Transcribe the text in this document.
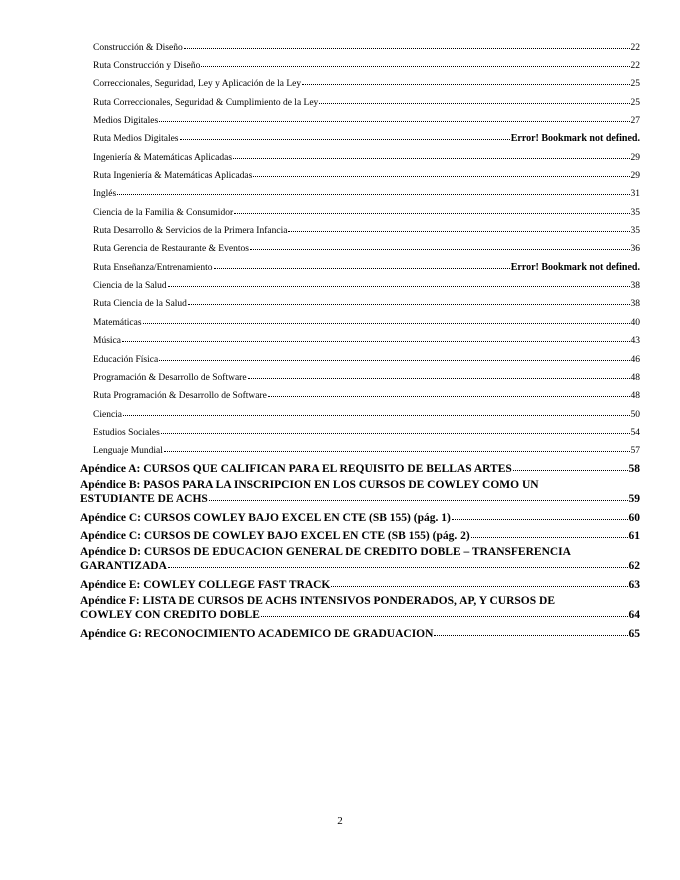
Construcción & Diseño	22
Ruta Construcción y Diseño	22
Correccionales, Seguridad, Ley y Aplicación de la Ley	25
Ruta Correccionales, Seguridad & Cumplimiento de la Ley	25
Medios Digitales	27
Ruta Medios Digitales	Error! Bookmark not defined.
Ingeniería & Matemáticas Aplicadas	29
Ruta Ingeniería & Matemáticas Aplicadas	29
Inglés	31
Ciencia de la Familia & Consumidor	35
Ruta Desarrollo & Servicios de la Primera Infancia	35
Ruta Gerencia de Restaurante & Eventos	36
Ruta Enseñanza/Entrenamiento	Error! Bookmark not defined.
Ciencia de la Salud	38
Ruta Ciencia de la Salud	38
Matemáticas	40
Música	43
Educación Física	46
Programación & Desarrollo de Software	48
Ruta Programación & Desarrollo de Software	48
Ciencia	50
Estudios Sociales	54
Lenguaje Mundial	57
Apéndice A: CURSOS QUE CALIFICAN PARA EL REQUISITO DE BELLAS ARTES	58
Apéndice B: PASOS PARA LA INSCRIPCION EN LOS CURSOS DE COWLEY COMO UN
ESTUDIANTE DE ACHS	59
Apéndice C: CURSOS COWLEY BAJO EXCEL EN CTE (SB 155) (pág. 1)	60
Apéndice C: CURSOS DE COWLEY BAJO EXCEL EN CTE (SB 155) (pág. 2)	61
Apéndice D: CURSOS DE EDUCACION GENERAL DE CREDITO DOBLE – TRANSFERENCIA
GARANTIZADA	62
Apéndice E: COWLEY COLLEGE FAST TRACK	63
Apéndice F: LISTA DE CURSOS DE ACHS INTENSIVOS PONDERADOS, AP, Y CURSOS DE
COWLEY CON CREDITO DOBLE	64
Apéndice G: RECONOCIMIENTO ACADEMICO DE GRADUACION	65
2
